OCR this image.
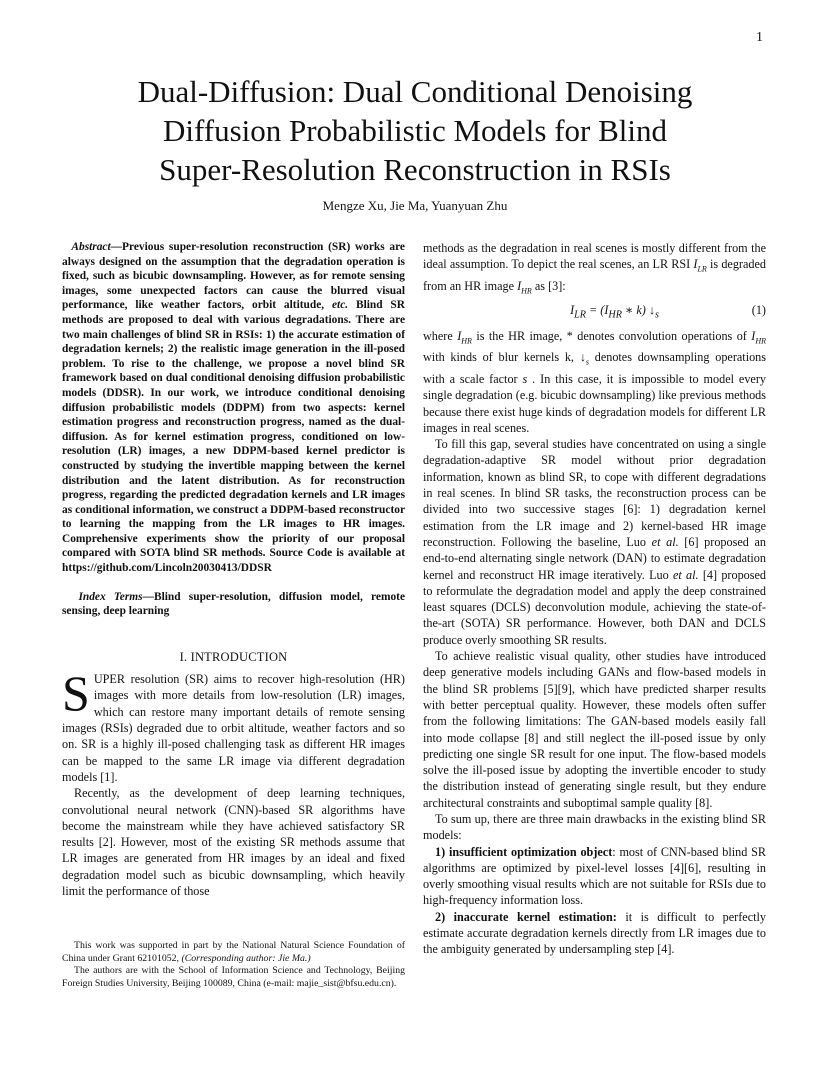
1
Dual-Diffusion: Dual Conditional Denoising
Diffusion Probabilistic Models for Blind
Super-Resolution Reconstruction in RSIs
Mengze Xu, Jie Ma, Yuanyuan Zhu

Abstract—Previous super-resolution reconstruction (SR) works are always designed on the assumption that the degradation operation is fixed, such as bicubic downsampling. However, as for remote sensing images, some unexpected factors can cause the blurred visual performance, like weather factors, orbit altitude, etc. Blind SR methods are proposed to deal with various degradations. There are two main challenges of blind SR in RSIs: 1) the accurate estimation of degradation kernels; 2) the realistic image generation in the ill-posed problem. To rise to the challenge, we propose a novel blind SR framework based on dual conditional denoising diffusion probabilistic models (DDSR). In our work, we introduce conditional denoising diffusion probabilistic models (DDPM) from two aspects: kernel estimation progress and reconstruction progress, named as the dual-diffusion. As for kernel estimation progress, conditioned on low-resolution (LR) images, a new DDPM-based kernel predictor is constructed by studying the invertible mapping between the kernel distribution and the latent distribution. As for reconstruction progress, regarding the predicted degradation kernels and LR images as conditional information, we construct a DDPM-based reconstructor to learning the mapping from the LR images to HR images. Comprehensive experiments show the priority of our proposal compared with SOTA blind SR methods. Source Code is available at https://github.com/Lincoln20030413/DDSR

Index Terms—Blind super-resolution, diffusion model, remote sensing, deep learning

I. INTRODUCTION

SUPER resolution (SR) aims to recover high-resolution (HR) images with more details from low-resolution (LR) images, which can restore many important details of remote sensing images (RSIs) degraded due to orbit altitude, weather factors and so on. SR is a highly ill-posed challenging task as different HR images can be mapped to the same LR image via different degradation models [1].

Recently, as the development of deep learning techniques, convolutional neural network (CNN)-based SR algorithms have become the mainstream while they have achieved satisfactory SR results [2]. However, most of the existing SR methods assume that LR images are generated from HR images by an ideal and fixed degradation model such as bicubic downsampling, which heavily limit the performance of those

This work was supported in part by the National Natural Science Foundation of China under Grant 62101052, (Corresponding author: Jie Ma.)

The authors are with the School of Information Science and Technology, Beijing Foreign Studies University, Beijing 100089, China (e-mail: majie_sist@bfsu.edu.cn).

methods as the degradation in real scenes is mostly different from the ideal assumption. To depict the real scenes, an LR RSI $I_{LR}$ is degraded from an HR image $I_{HR}$ as [3]:

$I_{LR} = (I_{HR}$ ∗ k) $↓_s$	(1)

where $I_{HR}$ is the HR image, * denotes convolution operations of $I_{HR}$ with kinds of blur kernels k, $↓_s$ denotes downsampling operations with a scale factor s . In this case, it is impossible to model every single degradation (e.g. bicubic downsampling) like previous methods because there exist huge kinds of degradation models for different LR images in real scenes.

To fill this gap, several studies have concentrated on using a single degradation-adaptive SR model without prior degradation information, known as blind SR, to cope with different degradations in real scenes. In blind SR tasks, the reconstruction process can be divided into two successive stages [6]: 1) degradation kernel estimation from the LR image and 2) kernel-based HR image reconstruction. Following the baseline, Luo et al. [6] proposed an end-to-end alternating single network (DAN) to estimate degradation kernel and reconstruct HR image iteratively. Luo et al. [4] proposed to reformulate the degradation model and apply the deep constrained least squares (DCLS) deconvolution module, achieving the state-of-the-art (SOTA) SR performance. However, both DAN and DCLS produce overly smoothing SR results.

To achieve realistic visual quality, other studies have introduced deep generative models including GANs and flow-based models in the blind SR problems [5][9], which have predicted sharper results with better perceptual quality. However, these models often suffer from the following limitations: The GAN-based models easily fall into mode collapse [8] and still neglect the ill-posed issue by only predicting one single SR result for one input. The flow-based models solve the ill-posed issue by adopting the invertible encoder to study the distribution instead of generating single result, but they endure architectural constraints and suboptimal sample quality [8].

To sum up, there are three main drawbacks in the existing blind SR models:

1) insufficient optimization object: most of CNN-based blind SR algorithms are optimized by pixel-level losses [4][6], resulting in overly smoothing visual results which are not suitable for RSIs due to high-frequency information loss.

2) inaccurate kernel estimation: it is difficult to perfectly estimate accurate degradation kernels directly from LR images due to the ambiguity generated by undersampling step [4].
